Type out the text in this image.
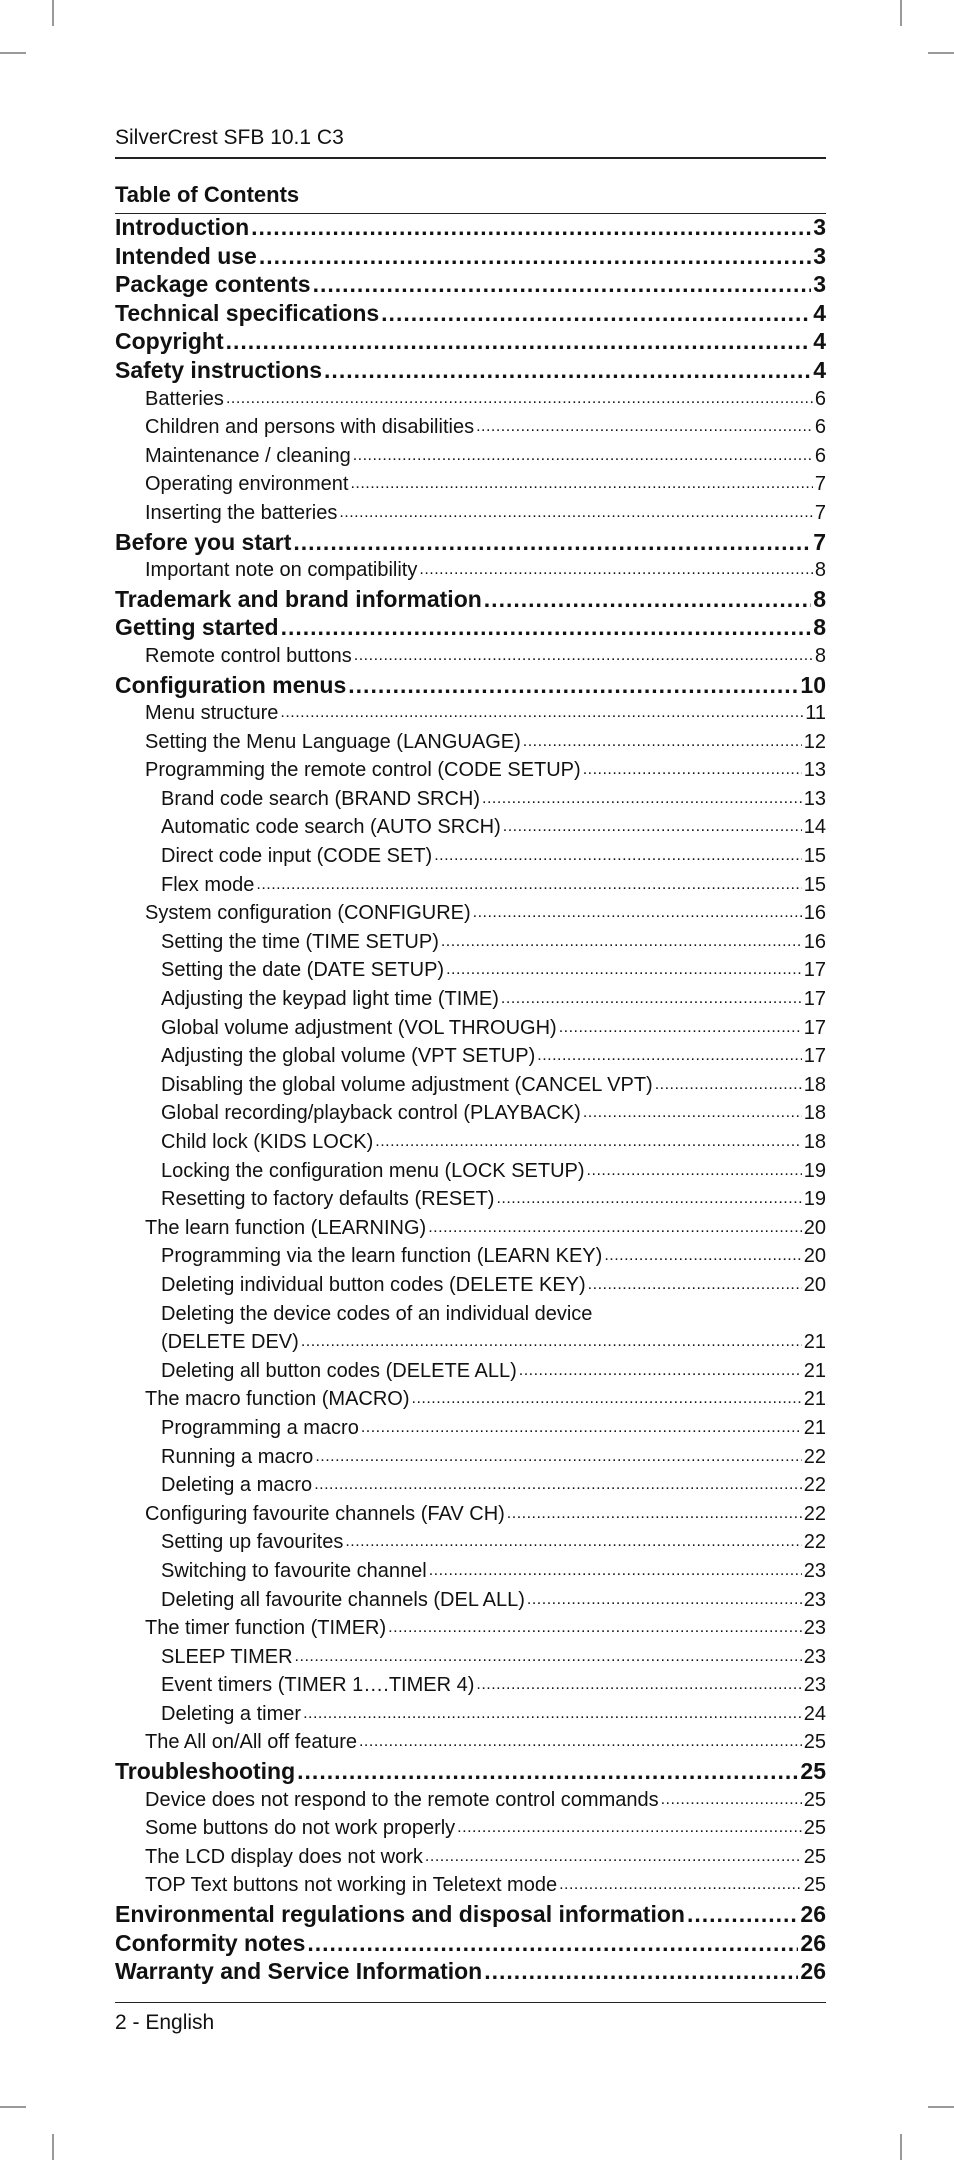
SilverCrest SFB 10.1 C3
Table of Contents
Introduction .....	3
Intended use .....	3
Package contents .....	3
Technical specifications .....	4
Copyright .....	4
Safety instructions .....	4
Batteries .....	6
Children and persons with disabilities .....	6
Maintenance / cleaning .....	6
Operating environment .....	7
Inserting the batteries .....	7
Before you start .....	7
Important note on compatibility .....	8
Trademark and brand information .....	8
Getting started .....	8
Remote control buttons .....	8
Configuration menus .....	10
Menu structure .....	11
Setting the Menu Language (LANGUAGE) .....	12
Programming the remote control (CODE SETUP) .....	13
Brand code search (BRAND SRCH) .....	13
Automatic code search (AUTO SRCH) .....	14
Direct code input (CODE SET) .....	15
Flex mode .....	15
System configuration (CONFIGURE) .....	16
Setting the time (TIME SETUP) .....	16
Setting the date (DATE SETUP) .....	17
Adjusting the keypad light time (TIME) .....	17
Global volume adjustment (VOL THROUGH) .....	17
Adjusting the global volume (VPT SETUP) .....	17
Disabling the global volume adjustment (CANCEL VPT) .....	18
Global recording/playback control (PLAYBACK) .....	18
Child lock (KIDS LOCK) .....	18
Locking the configuration menu (LOCK SETUP) .....	19
Resetting to factory defaults (RESET) .....	19
The learn function (LEARNING) .....	20
Programming via the learn function (LEARN KEY) .....	20
Deleting individual button codes (DELETE KEY) .....	20
Deleting the device codes of an individual device
(DELETE DEV) .....	21
Deleting all button codes (DELETE ALL) .....	21
The macro function (MACRO) .....	21
Programming a macro .....	21
Running a macro .....	22
Deleting a macro .....	22
Configuring favourite channels (FAV CH) .....	22
Setting up favourites .....	22
Switching to favourite channel .....	23
Deleting all favourite channels (DEL ALL) .....	23
The timer function (TIMER) .....	23
SLEEP TIMER .....	23
Event timers (TIMER 1….TIMER 4) .....	23
Deleting a timer .....	24
The All on/All off feature .....	25
Troubleshooting .....	25
Device does not respond to the remote control commands .....	25
Some buttons do not work properly .....	25
The LCD display does not work .....	25
TOP Text buttons not working in Teletext mode .....	25
Environmental regulations and disposal information .....	26
Conformity notes .....	26
Warranty and Service Information .....	26
2 - English
